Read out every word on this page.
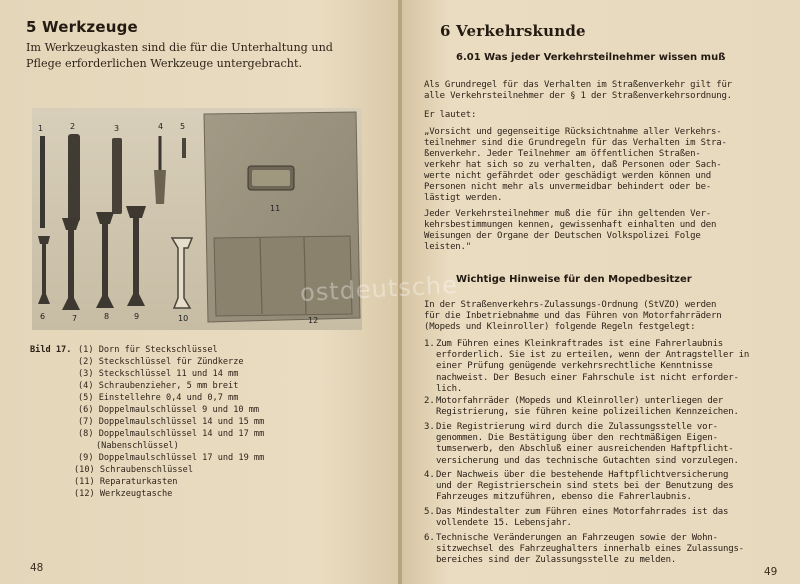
5 Werkzeuge
Im Werkzeugkasten sind die für die Unterhaltung und
Pflege erforderlichen Werkzeuge untergebracht.
1	2	3	4 5
6	7	8	9	10
11
12
Bild 17. (1) Dorn für Steckschlüssel
(2) Steckschlüssel für Zündkerze
(3) Steckschlüssel 11 und 14 mm
(4) Schraubenzieher, 5 mm breit
(5) Einstellehre 0,4 und 0,7 mm
(6) Doppelmaulschlüssel 9 und 10 mm
(7) Doppelmaulschlüssel 14 und 15 mm
(8) Doppelmaulschlüssel 14 und 17 mm
(Nabenschlüssel)
(9) Doppelmaulschlüssel 17 und 19 mm
(10) Schraubenschlüssel
(11) Reparaturkasten
(12) Werkzeugtasche
48
6 Verkehrskunde
6.01 Was jeder Verkehrsteilnehmer wissen muß
Als Grundregel für das Verhalten im Straßenverkehr gilt für
alle Verkehrsteilnehmer der § 1 der Straßenverkehrsordnung.
Er lautet:
„Vorsicht und gegenseitige Rücksichtnahme aller Verkehrs-
teilnehmer sind die Grundregeln für das Verhalten im Stra-
ßenverkehr. Jeder Teilnehmer am öffentlichen Straßen-
verkehr hat sich so zu verhalten, daß Personen oder Sach-
werte nicht gefährdet oder geschädigt werden können und
Personen nicht mehr als unvermeidbar behindert oder be-
lästigt werden.
Jeder Verkehrsteilnehmer muß die für ihn geltenden Ver-
kehrsbestimmungen kennen, gewissenhaft einhalten und den
Weisungen der Organe der Deutschen Volkspolizei Folge
leisten."
Wichtige Hinweise für den Mopedbesitzer
In der Straßenverkehrs-Zulassungs-Ordnung (StVZO) werden
für die Inbetriebnahme und das Führen von Motorfahrrädern
(Mopeds und Kleinroller) folgende Regeln festgelegt:
1. Zum Führen eines Kleinkraftrades ist eine Fahrerlaubnis
erforderlich. Sie ist zu erteilen, wenn der Antragsteller in
einer Prüfung genügende verkehrsrechtliche Kenntnisse
nachweist. Der Besuch einer Fahrschule ist nicht erforder-
lich.
2. Motorfahrräder (Mopeds und Kleinroller) unterliegen der
Registrierung, sie führen keine polizeilichen Kennzeichen.
3. Die Registrierung wird durch die Zulassungsstelle vor-
genommen. Die Bestätigung über den rechtmäßigen Eigen-
tumserwerb, den Abschluß einer ausreichenden Haftpflicht-
versicherung und das technische Gutachten sind vorzulegen.
4. Der Nachweis über die bestehende Haftpflichtversicherung
und der Registrierschein sind stets bei der Benutzung des
Fahrzeuges mitzuführen, ebenso die Fahrerlaubnis.
5. Das Mindestalter zum Führen eines Motorfahrrades ist das
vollendete 15. Lebensjahr.
6. Technische Veränderungen an Fahrzeugen sowie der Wohn-
sitzwechsel des Fahrzeughalters innerhalb eines Zulassungs-
bereiches sind der Zulassungsstelle zu melden.
49
ostdeutsche
